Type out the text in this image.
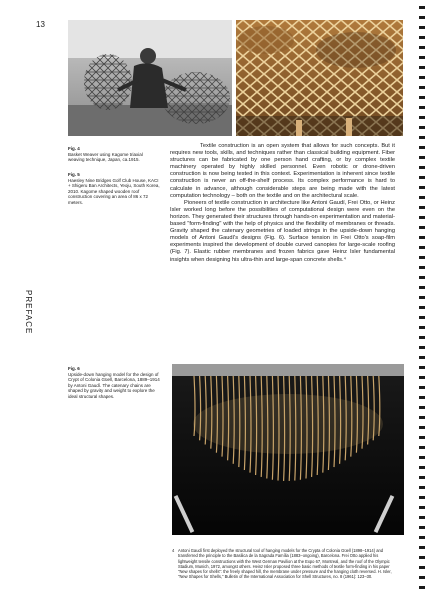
13
PREFACE
Fig. 4
Basket Weaver using Kagome triaxial weaving technique, Japan, ca.1915.
Fig. 5
Haesley Nine Bridges Golf Club House, KACI + Shigeru Ban Architects, Yeoju, South Korea, 2010. Kagome shaped wooden roof construction covering an area of 86 x 72 meters.
Fig. 6
Upside-down hanging model for the design of Crypt of Colonia Güell, Barcelona, 1889–1914 by Antoni Gaudí. The catenary chains are shaped by gravity and weight to explore the ideal structural shapes.

Textile construction is an open system that allows for such concepts. But it requires new tools, skills, and techniques rather than classical building equipment. Fiber structures can be fabricated by one person hand crafting, or by complex textile machinery operated by highly skilled personnel. Even robotic or drone-driven construction is now being tested in this context. Experimentation is inherent since textile construction is never an off-the-shelf process. Its complex performance is hard to calculate in advance, although considerable steps are being made with the latest computation technology – both on the textile and on the architectural scale.

Pioneers of textile construction in architecture like Antoni Gaudí, Frei Otto, or Heinz Isler worked long before the possibilities of computational design were even on the horizon. They generated their structures through hands-on experimentation and material-based "form-finding" with the help of physics and the flexibility of membranes or threads. Gravity shaped the catenary geometries of loaded strings in the upside-down hanging models of Antoni Gaudí's designs (Fig. 6). Surface tension in Frei Otto's soap-film experiments inspired the development of double curved canopies for large-scale roofing (Fig. 7). Elastic rubber membranes and frozen fabrics gave Heinz Isler fundamental insights when designing his ultra-thin and large-span concrete shells.⁴

4 Antoni Gaudí first deployed the structural tool of hanging models for the Crypta of Colonia Güell (1898–1914) and transferred the principle to the Basilica de la Sagrada Família (1883–ongoing), Barcelona. Frei Otto applied his lightweight tensile constructions with the West German Pavilion at the Expo 67, Montreal, and the roof of the Olympic Stadium, Munich, 1972, amongst others. Heinz Isler proposed three basic methods of textile form-finding in his paper "New shapes for shells": the freely shaped hill, the membrane under pressure and the hanging cloth reversed. H. Isler, "New Shapes for Shells," Bulletin of the International Association for Shell Structures, no. 8 (1961): 123–30.
